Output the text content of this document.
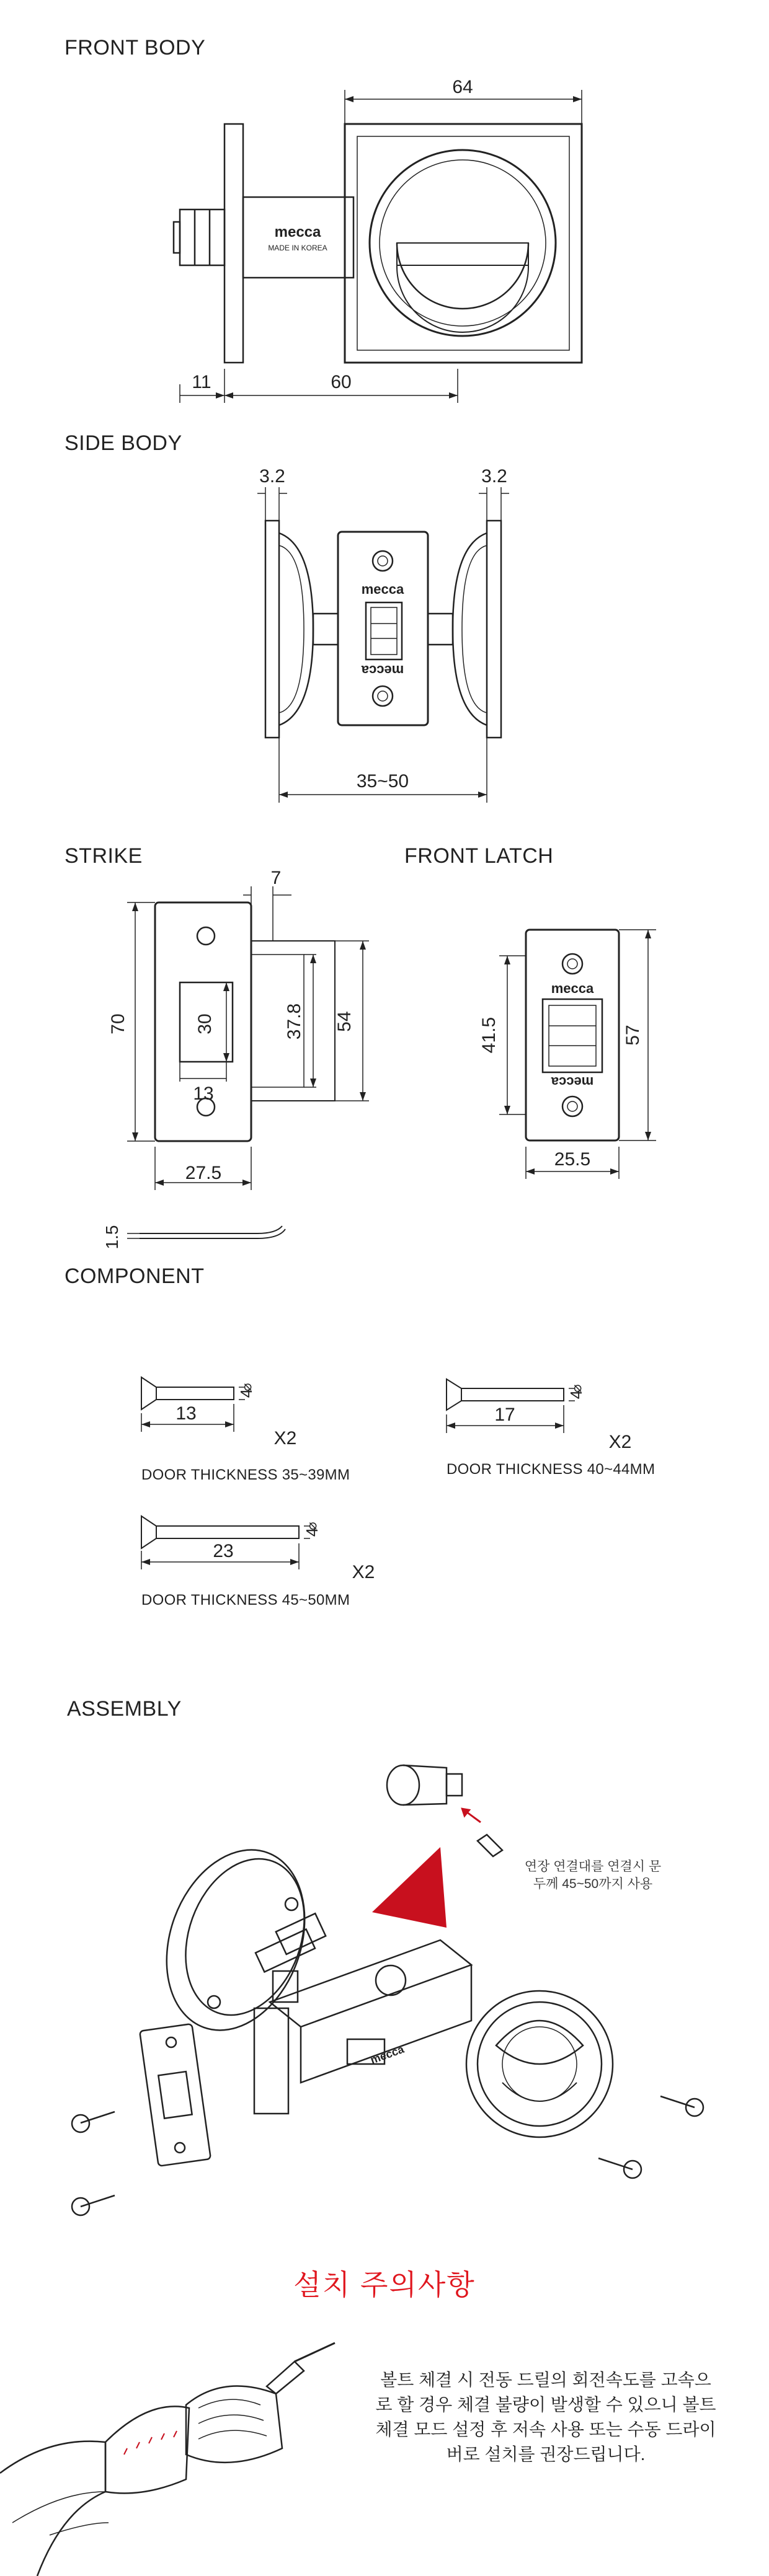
FRONT BODY
SIDE BODY
STRIKE	FRONT LATCH
COMPONENT
ASSEMBLY
64
11	60
mecca
MADE IN KOREA
3.2	3.2
35~50
mecca
mecca
7
70	30
13
37.8 54
27.5
1.5
41.5	57
25.5
mecca
mecca
13
4
⌀
X2
17
4
⌀
X2
23
4
⌀
X2
DOOR THICKNESS 35~39MM	DOOR THICKNESS 40~44MM
DOOR THICKNESS 45~50MM
mecca
연장 연결대를 연결시 문두께 45~50까지 사용
설치 주의사항
볼트 체결 시 전동 드릴의 회전속도를 고속으로 할 경우 체결 불량이 발생할 수 있으니 볼트 체결 모드 설정 후 저속 사용 또는 수동 드라이버로 설치를 권장드립니다.
